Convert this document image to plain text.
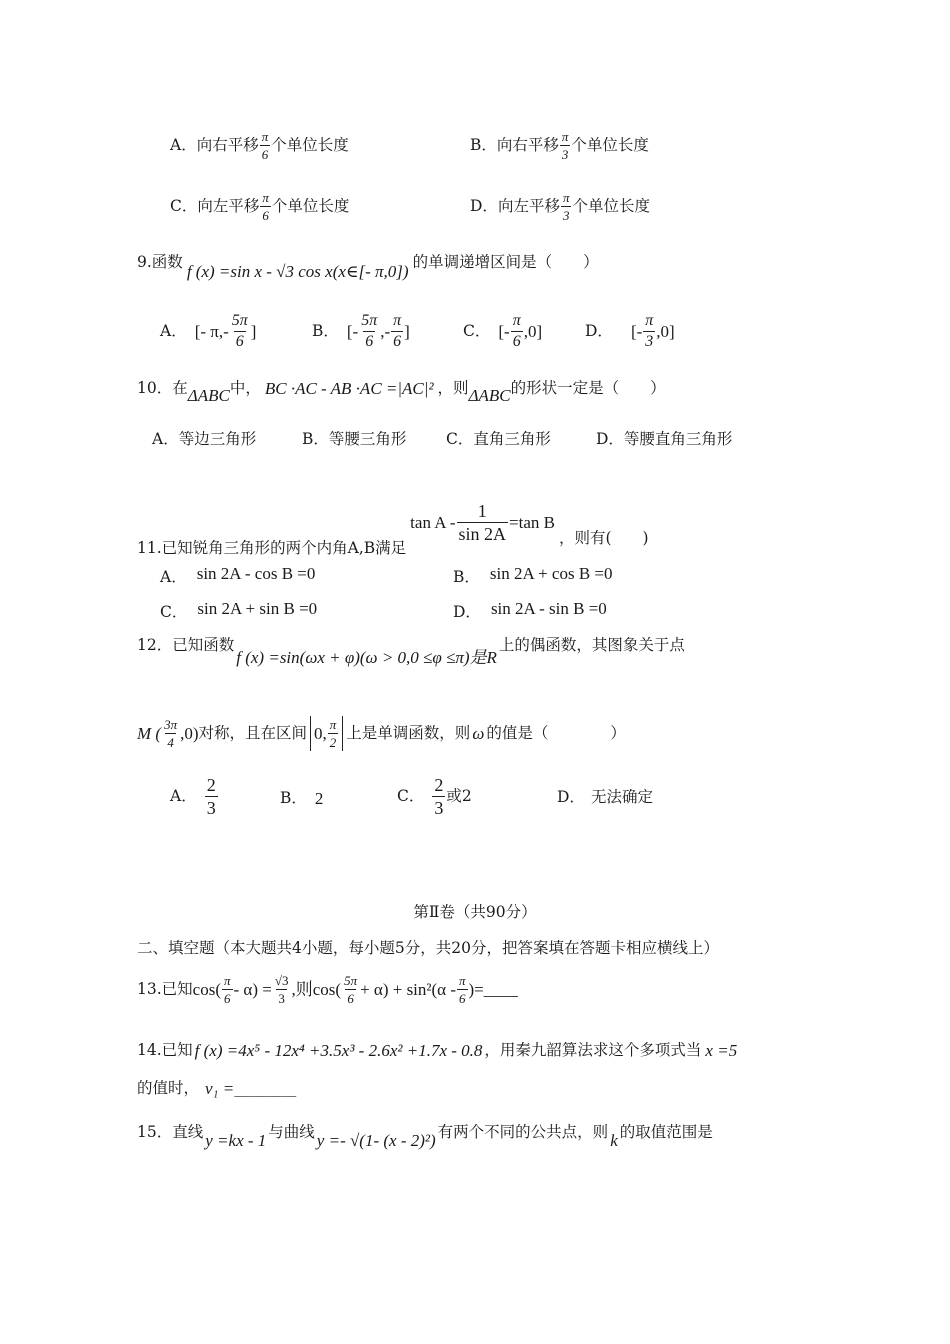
A． 向右平移 $\frac{\pi}{6}$ 个单位长度	B． 向右平移 $\frac{\pi}{3}$ 个单位长度
C． 向左平移 $\frac{\pi}{6}$ 个单位长度	D． 向左平移 $\frac{\pi}{3}$ 个单位长度
9. 函数
f (x) =sin x - √3 cos x(x∈[- π,0])
的单调递增区间是（　　）
A． [- $\pi,- \frac{5\pi}{6}$ ]	B． [- $\frac{5\pi}{6}$ ,- $\frac{\pi}{6}$ ]	C． [- $\frac{\pi}{6} ,0$]	D． [- $\frac{\pi}{3} ,0$]
10． 在 ΔABC 中， BC ·AC - AB ·AC =|AC|² ，则 ΔABC 的形状一定是（　　）
A．等边三角形	B．等腰三角形	C．直角三角形	D．等腰直角三角形
11. 已知锐角三角形的两个内角A,B满足
$\tan A - \frac{1}{\sin 2A} =\tan$ B
，则有(　　)
A． sin 2A - cos B =0	B． sin 2A + cos B =0
C． sin 2A + sin B =0	D． sin 2A - sin B =0
12． 已知函数
f (x) =sin(ωx + φ)(ω > 0,0 ≤φ ≤π)是R
上的偶函数，其图象关于点
M ( $\frac{3\pi}{4} ,0$) 对称，且在区间 0, $\frac{\pi}{2}$ 上是单调函数，则 ω 的值是（　　　　）
A． $\frac{2}{3}$	B． 2	C． $\frac{2}{3}$ 或2	D． 无法确定
第Ⅱ卷（共90分）
二、填空题（本大题共4小题，每小题5分，共20分，把答案填在答题卡相应横线上）
13. 已知 $\cos( \frac{\pi}{6} - \alpha) = \frac{√3}{3}$ ,则$\cos( \frac{5\pi}{6} + \alpha) + \sin^2(\alpha - \frac{\pi}{6}$ )=____
14. 已知 f (x) =4x⁵ - 12x⁴ +3.5x³ - 2.6x² +1.7x - 0.8 ，用秦九韶算法求这个多项式当 x =5
的值时， v₁ = ________
15． 直线 y =kx - 1 与曲线 y =- √(1- (x - 2)²) 有两个不同的公共点，则 k 的取值范围是
